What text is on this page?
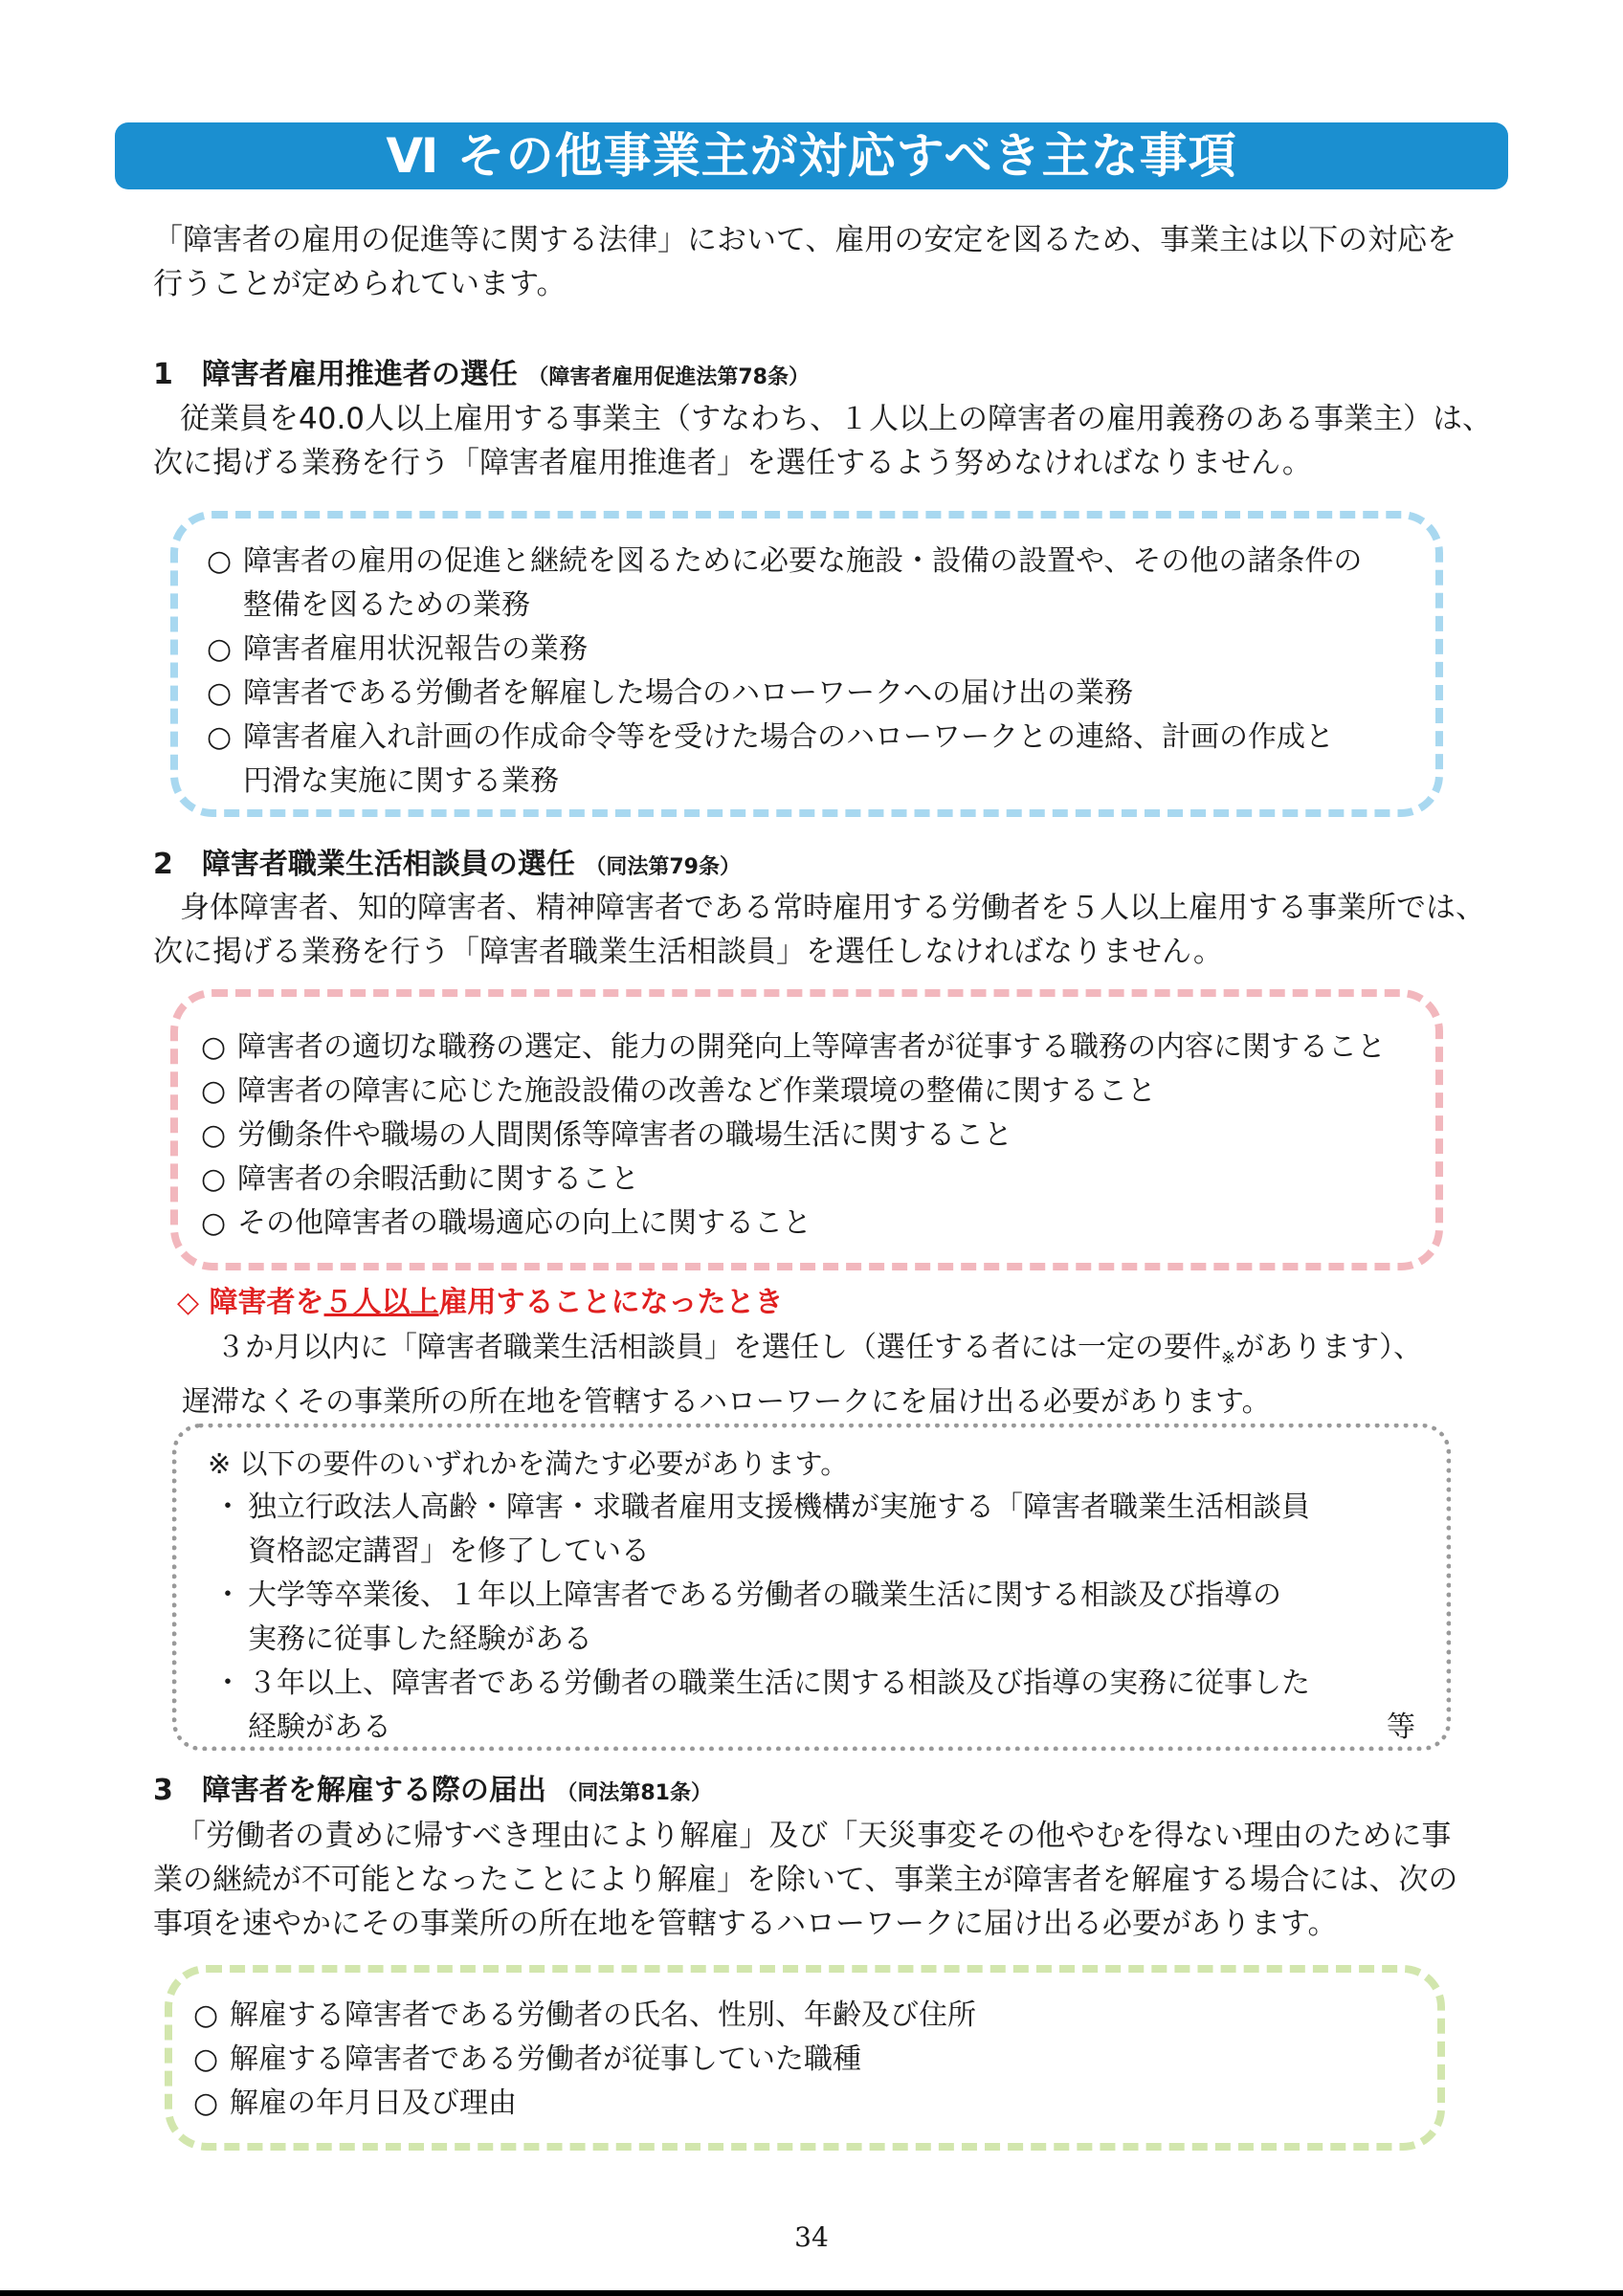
Ⅵ その他事業主が対応すべき主な事項
「障害者の雇用の促進等に関する法律」において、雇用の安定を図るため、事業主は以下の対応を
行うことが定められています。
1　障害者雇用推進者の選任 （障害者雇用促進法第78条）
従業員を40.0人以上雇用する事業主（すなわち、１人以上の障害者の雇用義務のある事業主）は、
次に掲げる業務を行う「障害者雇用推進者」を選任するよう努めなければなりません。
○ 障害者の雇用の促進と継続を図るために必要な施設・設備の設置や、その他の諸条件の
整備を図るための業務
○ 障害者雇用状況報告の業務
○ 障害者である労働者を解雇した場合のハローワークへの届け出の業務
○ 障害者雇入れ計画の作成命令等を受けた場合のハローワークとの連絡、計画の作成と
円滑な実施に関する業務
2　障害者職業生活相談員の選任 （同法第79条）
身体障害者、知的障害者、精神障害者である常時雇用する労働者を５人以上雇用する事業所では、
次に掲げる業務を行う「障害者職業生活相談員」を選任しなければなりません。
○ 障害者の適切な職務の選定、能力の開発向上等障害者が従事する職務の内容に関すること
○ 障害者の障害に応じた施設設備の改善など作業環境の整備に関すること
○ 労働条件や職場の人間関係等障害者の職場生活に関すること
○ 障害者の余暇活動に関すること
○ その他障害者の職場適応の向上に関すること
◇ 障害者を５人以上雇用することになったとき
３か月以内に「障害者職業生活相談員」を選任し（選任する者には一定の要件$_※$があります）、
遅滞なくその事業所の所在地を管轄するハローワークにを届け出る必要があります。
※ 以下の要件のいずれかを満たす必要があります。
・ 独立行政法人高齢・障害・求職者雇用支援機構が実施する「障害者職業生活相談員
資格認定講習」を修了している
・ 大学等卒業後、１年以上障害者である労働者の職業生活に関する相談及び指導の
実務に従事した経験がある
・ ３年以上、障害者である労働者の職業生活に関する相談及び指導の実務に従事した
経験がある	等
3　障害者を解雇する際の届出 （同法第81条）
「労働者の責めに帰すべき理由により解雇」及び「天災事変その他やむを得ない理由のために事
業の継続が不可能となったことにより解雇」を除いて、事業主が障害者を解雇する場合には、次の
事項を速やかにその事業所の所在地を管轄するハローワークに届け出る必要があります。
○ 解雇する障害者である労働者の氏名、性別、年齢及び住所
○ 解雇する障害者である労働者が従事していた職種
○ 解雇の年月日及び理由
34
